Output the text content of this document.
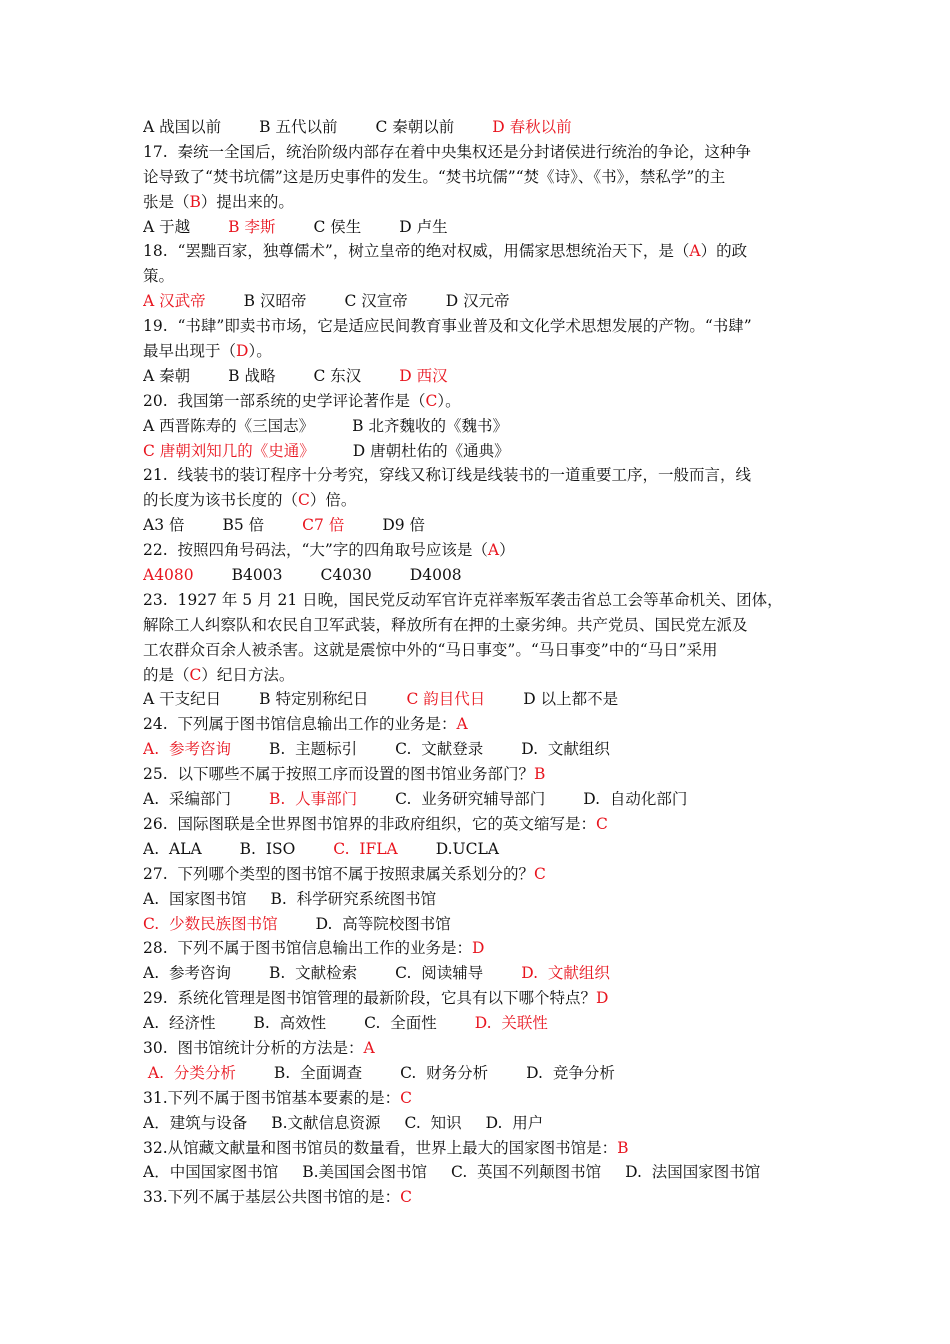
A 战国以前 B 五代以前 C 秦朝以前 D 春秋以前
17.  秦统一全国后，统治阶级内部存在着中央集权还是分封诸侯进行统治的争论，这种争
论导致了“焚书坑儒”这是历史事件的发生。“焚书坑儒”“焚《诗》、《书》，禁私学”的主
张是（B）提出来的。
A 于越 B 李斯 C 侯生 D 卢生
18.  “罢黜百家，独尊儒术”，树立皇帝的绝对权威，用儒家思想统治天下，是（A）的政
策。
A 汉武帝 B 汉昭帝 C 汉宣帝 D 汉元帝
19.  “书肆”即卖书市场，它是适应民间教育事业普及和文化学术思想发展的产物。“书肆”
最早出现于（D）。
A 秦朝 B 战略 C 东汉 D 西汉
20.  我国第一部系统的史学评论著作是（C）。
A 西晋陈寿的《三国志》 B 北齐魏收的《魏书》
C 唐朝刘知几的《史通》 D 唐朝杜佑的《通典》
21.  线装书的装订程序十分考究，穿线又称订线是线装书的一道重要工序，一般而言，线
的长度为该书长度的（C）倍。
A3 倍 B5 倍 C7 倍 D9 倍
22.  按照四角号码法，“大”字的四角取号应该是（A）
A4080 B4003 C4030 D4008
23.  1927 年 5 月 21 日晚，国民党反动军官许克祥率叛军袭击省总工会等革命机关、团体，
解除工人纠察队和农民自卫军武装，释放所有在押的土豪劣绅。共产党员、国民党左派及
工农群众百余人被杀害。这就是震惊中外的“马日事变”。“马日事变”中的“马日”采用
的是（C）纪日方法。
A 干支纪日 B 特定别称纪日 C 韵目代日 D 以上都不是
24.  下列属于图书馆信息输出工作的业务是：A
A.  参考咨询 B.  主题标引 C.  文献登录 D.  文献组织
25.  以下哪些不属于按照工序而设置的图书馆业务部门？B
A.  采编部门 B.  人事部门 C.  业务研究辅导部门 D.  自动化部门
26.  国际图联是全世界图书馆界的非政府组织，它的英文缩写是：C
A.  ALA B.  ISO C.  IFLA D.UCLA
27.  下列哪个类型的图书馆不属于按照隶属关系划分的？C
A.  国家图书馆 B.  科学研究系统图书馆
C.  少数民族图书馆 D.  高等院校图书馆
28.  下列不属于图书馆信息输出工作的业务是：D
A.  参考咨询 B.  文献检索 C.  阅读辅导 D.  文献组织
29.  系统化管理是图书馆管理的最新阶段，它具有以下哪个特点？D
A.  经济性 B.  高效性 C.  全面性 D.  关联性
30.  图书馆统计分析的方法是：A
A.  分类分析 B.  全面调查 C.  财务分析 D.  竞争分析
31.下列不属于图书馆基本要素的是：C
A．建筑与设备 B.文献信息资源 C.  知识 D.  用户
32.从馆藏文献量和图书馆员的数量看，世界上最大的国家图书馆是：B
A．中国国家图书馆 B.美国国会图书馆 C.  英国不列颠图书馆 D.  法国国家图书馆
33.下列不属于基层公共图书馆的是：C
